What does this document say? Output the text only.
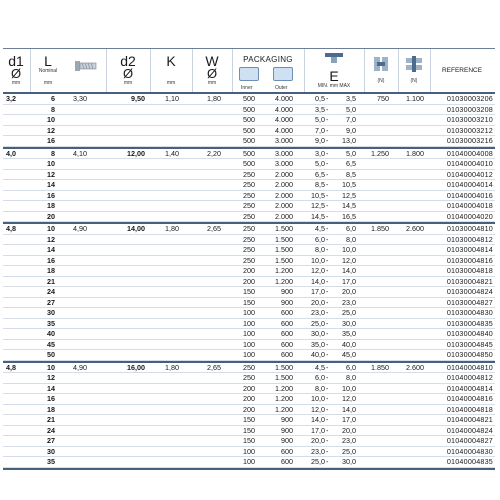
d1
Ø
mm
L
Nominal
mm
d2
Ø
mm
K
mm
W
Ø
mm
PACKAGING
Inner	Outer
E
MIN. mm MAX
(N)	(N)
REFERENCE
3,2	6	3,30	9,50	1,10	1,80	500	4.000	0,5 -	3,5	750	1.100	01030003206
8	500	4.000	3,5 -	5,0	01030003208
10	500	4.000	5,0 -	7,0	01030003210
12	500	4.000	7,0 -	9,0	01030003212
16	500	3.000	9,0 -	13,0	01030003216
4,0	8	4,10	12,00	1,40	2,20	500	3.000	3,0 -	5,0	1.250	1.800	01040004008
10	500	3.000	5,0 -	6,5	01040004010
12	250	2.000	6,5 -	8,5	01040004012
14	250	2.000	8,5 -	10,5	01040004014
16	250	2.000	10,5 -	12,5	01040004016
18	250	2.000	12,5 -	14,5	01040004018
20	250	2.000	14,5 -	16,5	01040004020
4,8	10	4,90	14,00	1,80	2,65	250	1.500	4,5 -	6,0	1.850	2.600	01030004810
12	250	1.500	6,0 -	8,0	01030004812
14	250	1.500	8,0 -	10,0	01030004814
16	250	1.500	10,0 -	12,0	01030004816
18	200	1.200	12,0 -	14,0	01030004818
21	200	1.200	14,0 -	17,0	01030004821
24	150	900	17,0 -	20,0	01030004824
27	150	900	20,0 -	23,0	01030004827
30	100	600	23,0 -	25,0	01030004830
35	100	600	25,0 -	30,0	01030004835
40	100	600	30,0 -	35,0	01030004840
45	100	600	35,0 -	40,0	01030004845
50	100	600	40,0 -	45,0	01030004850
4,8	10	4,90	16,00	1,80	2,65	250	1.500	4,5 -	6,0	1.850	2.600	01040004810
12	250	1.500	6,0 -	8,0	01040004812
14	200	1.200	8,0 -	10,0	01040004814
16	200	1.200	10,0 -	12,0	01040004816
18	200	1.200	12,0 -	14,0	01040004818
21	150	900	14,0 -	17,0	01040004821
24	150	900	17,0 -	20,0	01040004824
27	150	900	20,0 -	23,0	01040004827
30	100	600	23,0 -	25,0	01040004830
35	100	600	25,0 -	30,0	01040004835
